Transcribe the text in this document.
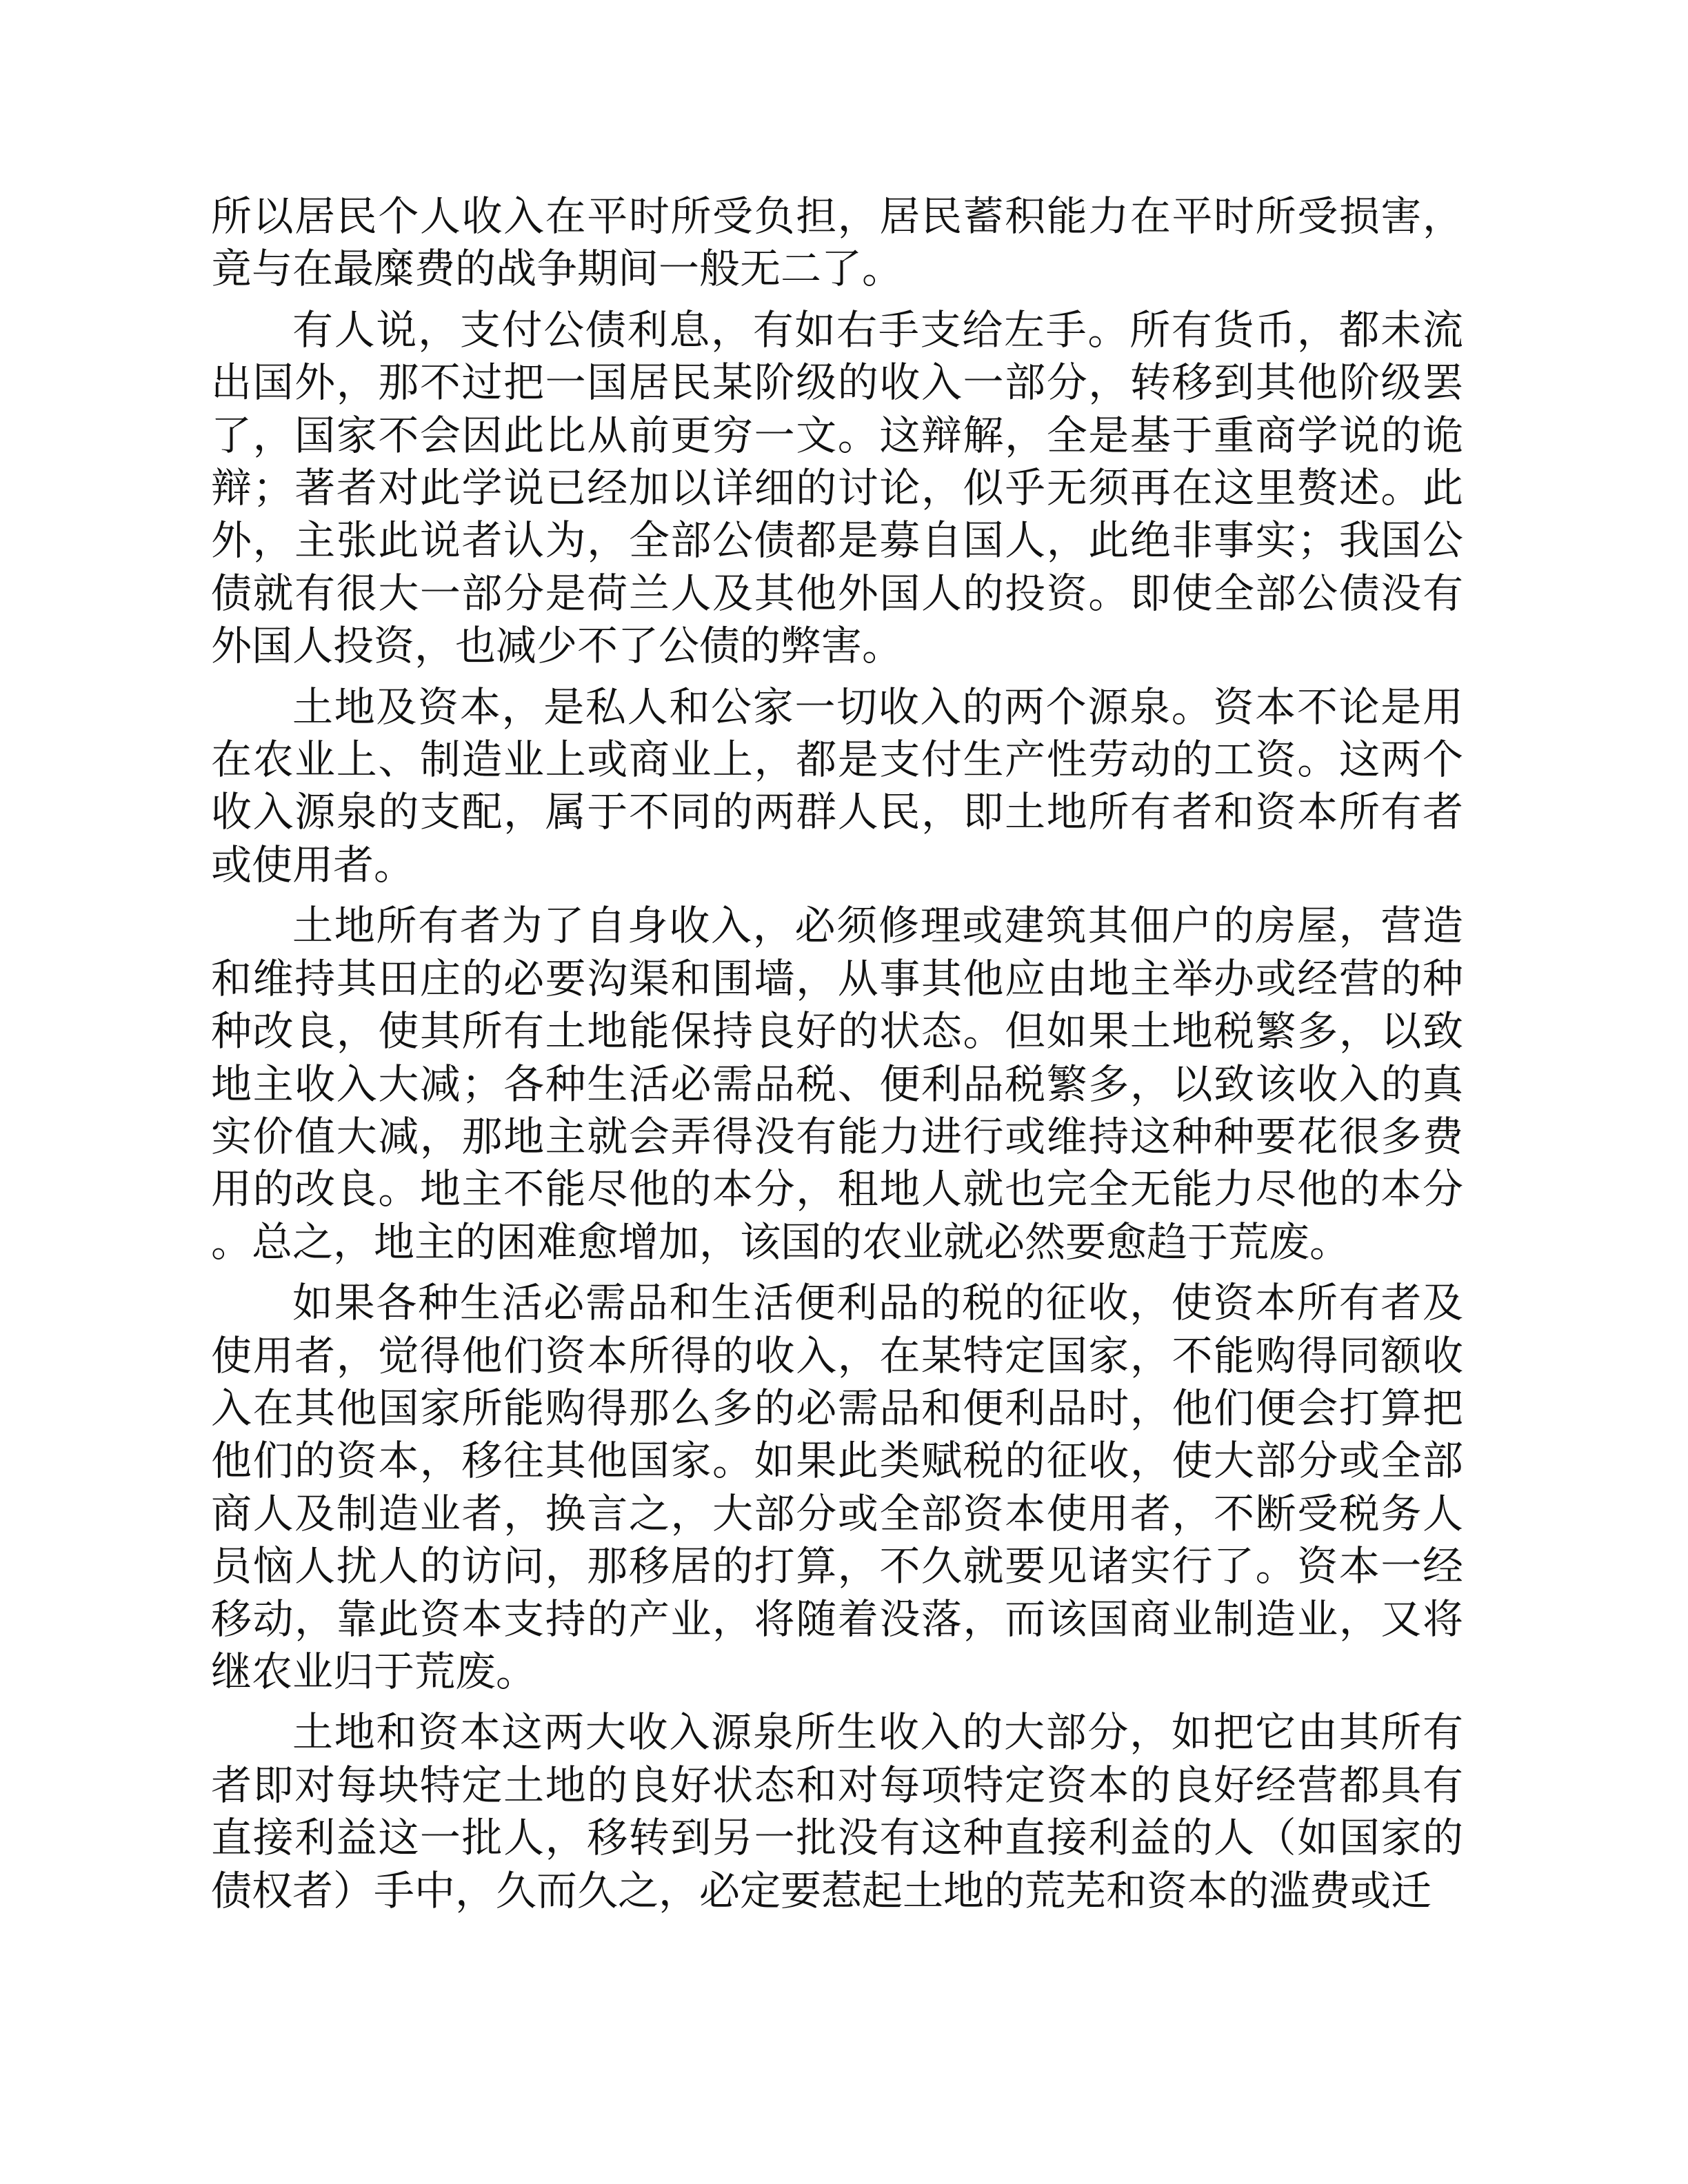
所以居民个人收入在平时所受负担，居民蓄积能力在平时所受损害，竟与在最糜费的战争期间一般无二了。

有人说，支付公债利息，有如右手支给左手。所有货币，都未流出国外，那不过把一国居民某阶级的收入一部分，转移到其他阶级罢了，国家不会因此比从前更穷一文。这辩解，全是基于重商学说的诡辩；著者对此学说已经加以详细的讨论，似乎无须再在这里赘述。此外，主张此说者认为，全部公债都是募自国人，此绝非事实；我国公债就有很大一部分是荷兰人及其他外国人的投资。即使全部公债没有外国人投资，也减少不了公债的弊害。

土地及资本，是私人和公家一切收入的两个源泉。资本不论是用在农业上、制造业上或商业上，都是支付生产性劳动的工资。这两个收入源泉的支配，属于不同的两群人民，即土地所有者和资本所有者或使用者。

土地所有者为了自身收入，必须修理或建筑其佃户的房屋，营造和维持其田庄的必要沟渠和围墙，从事其他应由地主举办或经营的种种改良，使其所有土地能保持良好的状态。但如果土地税繁多，以致地主收入大减；各种生活必需品税、便利品税繁多，以致该收入的真实价值大减，那地主就会弄得没有能力进行或维持这种种要花很多费用的改良。地主不能尽他的本分，租地人就也完全无能力尽他的本分。总之，地主的困难愈增加，该国的农业就必然要愈趋于荒废。

如果各种生活必需品和生活便利品的税的征收，使资本所有者及使用者，觉得他们资本所得的收入，在某特定国家，不能购得同额收入在其他国家所能购得那么多的必需品和便利品时，他们便会打算把他们的资本，移往其他国家。如果此类赋税的征收，使大部分或全部商人及制造业者，换言之，大部分或全部资本使用者，不断受税务人员恼人扰人的访问，那移居的打算，不久就要见诸实行了。资本一经移动，靠此资本支持的产业，将随着没落，而该国商业制造业，又将继农业归于荒废。

土地和资本这两大收入源泉所生收入的大部分，如把它由其所有者即对每块特定土地的良好状态和对每项特定资本的良好经营都具有直接利益这一批人，移转到另一批没有这种直接利益的人（如国家的债权者）手中，久而久之，必定要惹起土地的荒芜和资本的滥费或迁
